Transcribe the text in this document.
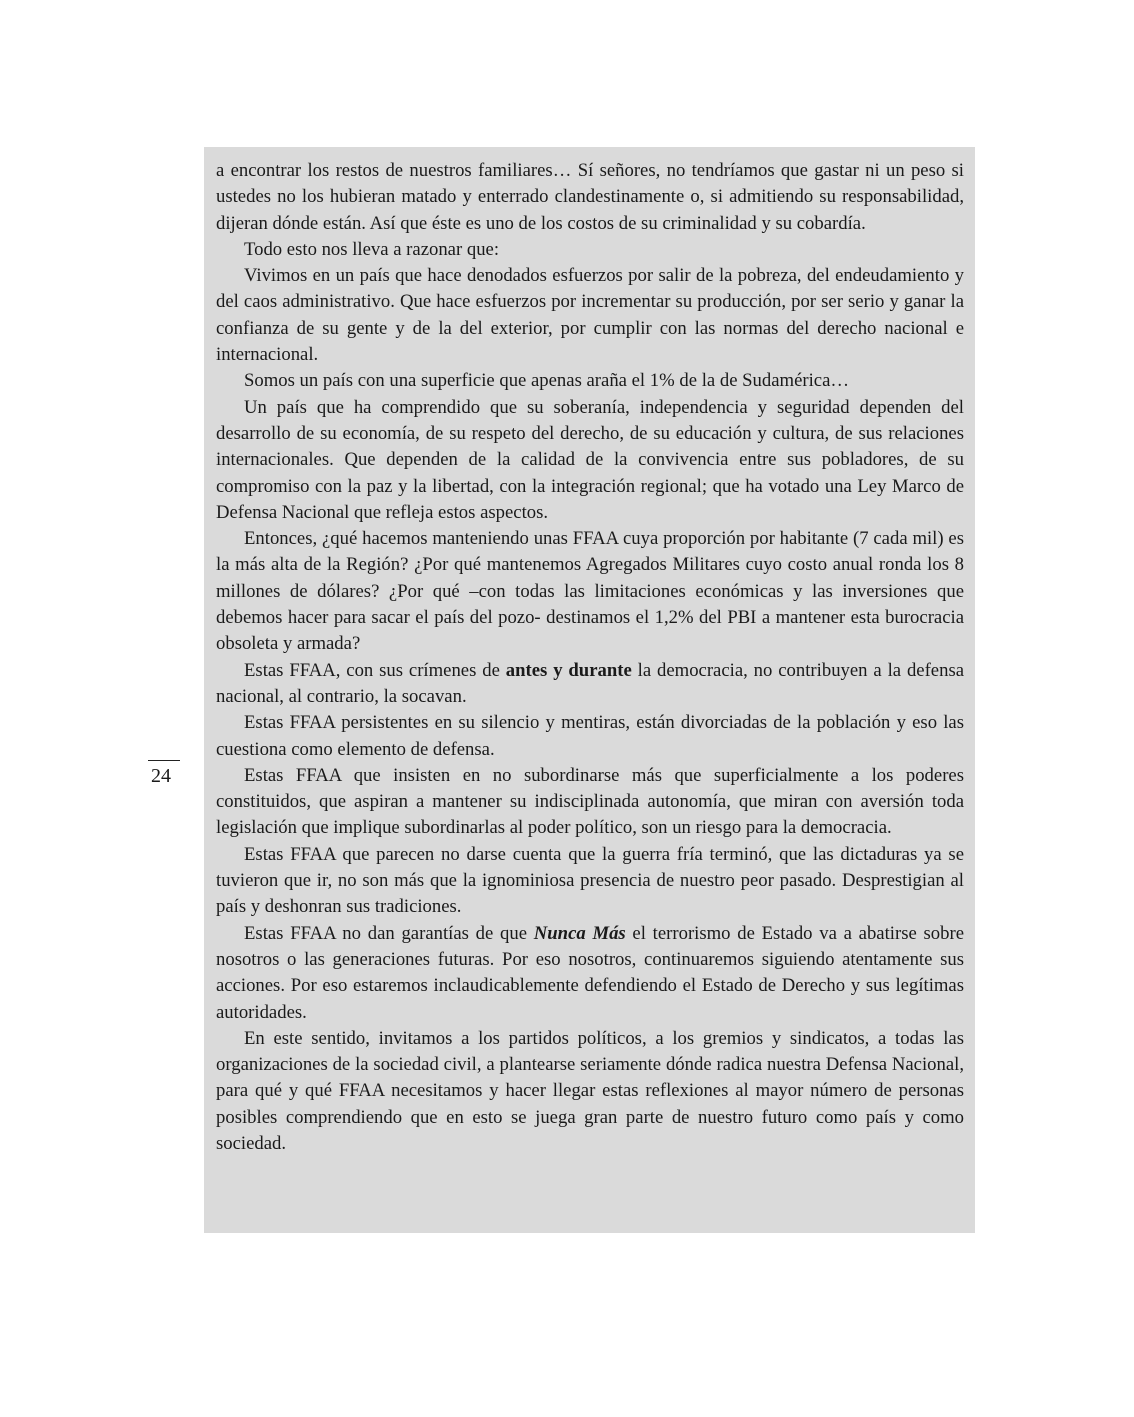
24

a encontrar los restos de nuestros familiares… Sí señores, no tendríamos que gastar ni un peso si ustedes no los hubieran matado y enterrado clandestinamente o, si admitiendo su responsabilidad, dijeran dónde están. Así que éste es uno de los costos de su criminalidad y su cobardía.

Todo esto nos lleva a razonar que:

Vivimos en un país que hace denodados esfuerzos por salir de la pobreza, del endeudamiento y del caos administrativo. Que hace esfuerzos por incrementar su producción, por ser serio y ganar la confianza de su gente y de la del exterior, por cumplir con las normas del derecho nacional e internacional.

Somos un país con una superficie que apenas araña el 1% de la de Sudamérica…

Un país que ha comprendido que su soberanía, independencia y seguridad dependen del desarrollo de su economía, de su respeto del derecho, de su educación y cultura, de sus relaciones internacionales. Que dependen de la calidad de la convivencia entre sus pobladores, de su compromiso con la paz y la libertad, con la integración regional; que ha votado una Ley Marco de Defensa Nacional que refleja estos aspectos.

Entonces, ¿qué hacemos manteniendo unas FFAA cuya proporción por habitante (7 cada mil) es la más alta de la Región? ¿Por qué mantenemos Agregados Militares cuyo costo anual ronda los 8 millones de dólares? ¿Por qué –con todas las limitaciones económicas y las inversiones que debemos hacer para sacar el país del pozo- destinamos el 1,2% del PBI a mantener esta burocracia obsoleta y armada?

Estas FFAA, con sus crímenes de antes y durante la democracia, no contribuyen a la defensa nacional, al contrario, la socavan.

Estas FFAA persistentes en su silencio y mentiras, están divorciadas de la población y eso las cuestiona como elemento de defensa.

Estas FFAA que insisten en no subordinarse más que superficialmente a los poderes constituidos, que aspiran a mantener su indisciplinada autonomía, que miran con aversión toda legislación que implique subordinarlas al poder político, son un riesgo para la democracia.

Estas FFAA que parecen no darse cuenta que la guerra fría terminó, que las dictaduras ya se tuvieron que ir, no son más que la ignominiosa presencia de nuestro peor pasado. Desprestigian al país y deshonran sus tradiciones.

Estas FFAA no dan garantías de que Nunca Más el terrorismo de Estado va a abatirse sobre nosotros o las generaciones futuras. Por eso nosotros, continuaremos siguiendo atentamente sus acciones. Por eso estaremos inclaudicablemente defendiendo el Estado de Derecho y sus legítimas autoridades.

En este sentido, invitamos a los partidos políticos, a los gremios y sindicatos, a todas las organizaciones de la sociedad civil, a plantearse seriamente dónde radica nuestra Defensa Nacional, para qué y qué FFAA necesitamos y hacer llegar estas reflexiones al mayor número de personas posibles comprendiendo que en esto se juega gran parte de nuestro futuro como país y como sociedad.
